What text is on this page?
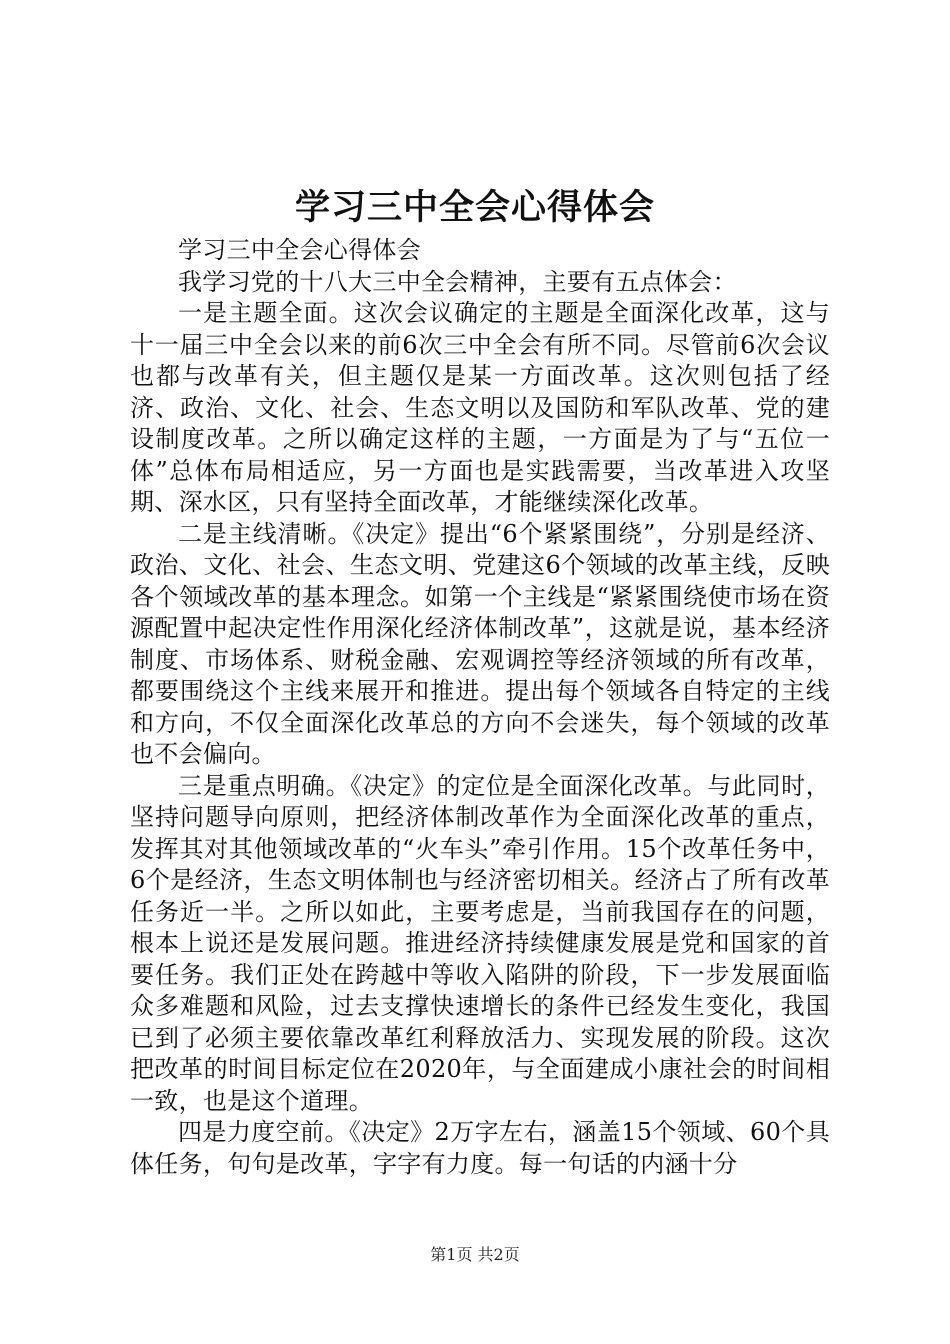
学习三中全会心得体会

学习三中全会心得体会

我学习党的十八大三中全会精神，主要有五点体会：

一是主题全面。这次会议确定的主题是全面深化改革，这与十一届三中全会以来的前6次三中全会有所不同。尽管前6次会议也都与改革有关，但主题仅是某一方面改革。这次则包括了经济、政治、文化、社会、生态文明以及国防和军队改革、党的建设制度改革。之所以确定这样的主题，一方面是为了与“五位一体”总体布局相适应，另一方面也是实践需要，当改革进入攻坚期、深水区，只有坚持全面改革，才能继续深化改革。

二是主线清晰。《决定》提出“6个紧紧围绕”，分别是经济、政治、文化、社会、生态文明、党建这6个领域的改革主线，反映各个领域改革的基本理念。如第一个主线是“紧紧围绕使市场在资源配置中起决定性作用深化经济体制改革”，这就是说，基本经济制度、市场体系、财税金融、宏观调控等经济领域的所有改革，都要围绕这个主线来展开和推进。提出每个领域各自特定的主线和方向，不仅全面深化改革总的方向不会迷失，每个领域的改革也不会偏向。

三是重点明确。《决定》的定位是全面深化改革。与此同时，坚持问题导向原则，把经济体制改革作为全面深化改革的重点，发挥其对其他领域改革的“火车头”牵引作用。15个改革任务中，6个是经济，生态文明体制也与经济密切相关。经济占了所有改革任务近一半。之所以如此，主要考虑是，当前我国存在的问题，根本上说还是发展问题。推进经济持续健康发展是党和国家的首要任务。我们正处在跨越中等收入陷阱的阶段，下一步发展面临众多难题和风险，过去支撑快速增长的条件已经发生变化，我国已到了必须主要依靠改革红利释放活力、实现发展的阶段。这次把改革的时间目标定位在2020年，与全面建成小康社会的时间相一致，也是这个道理。

四是力度空前。《决定》2万字左右，涵盖15个领域、60个具体任务，句句是改革，字字有力度。每一句话的内涵十分

第1页 共2页
